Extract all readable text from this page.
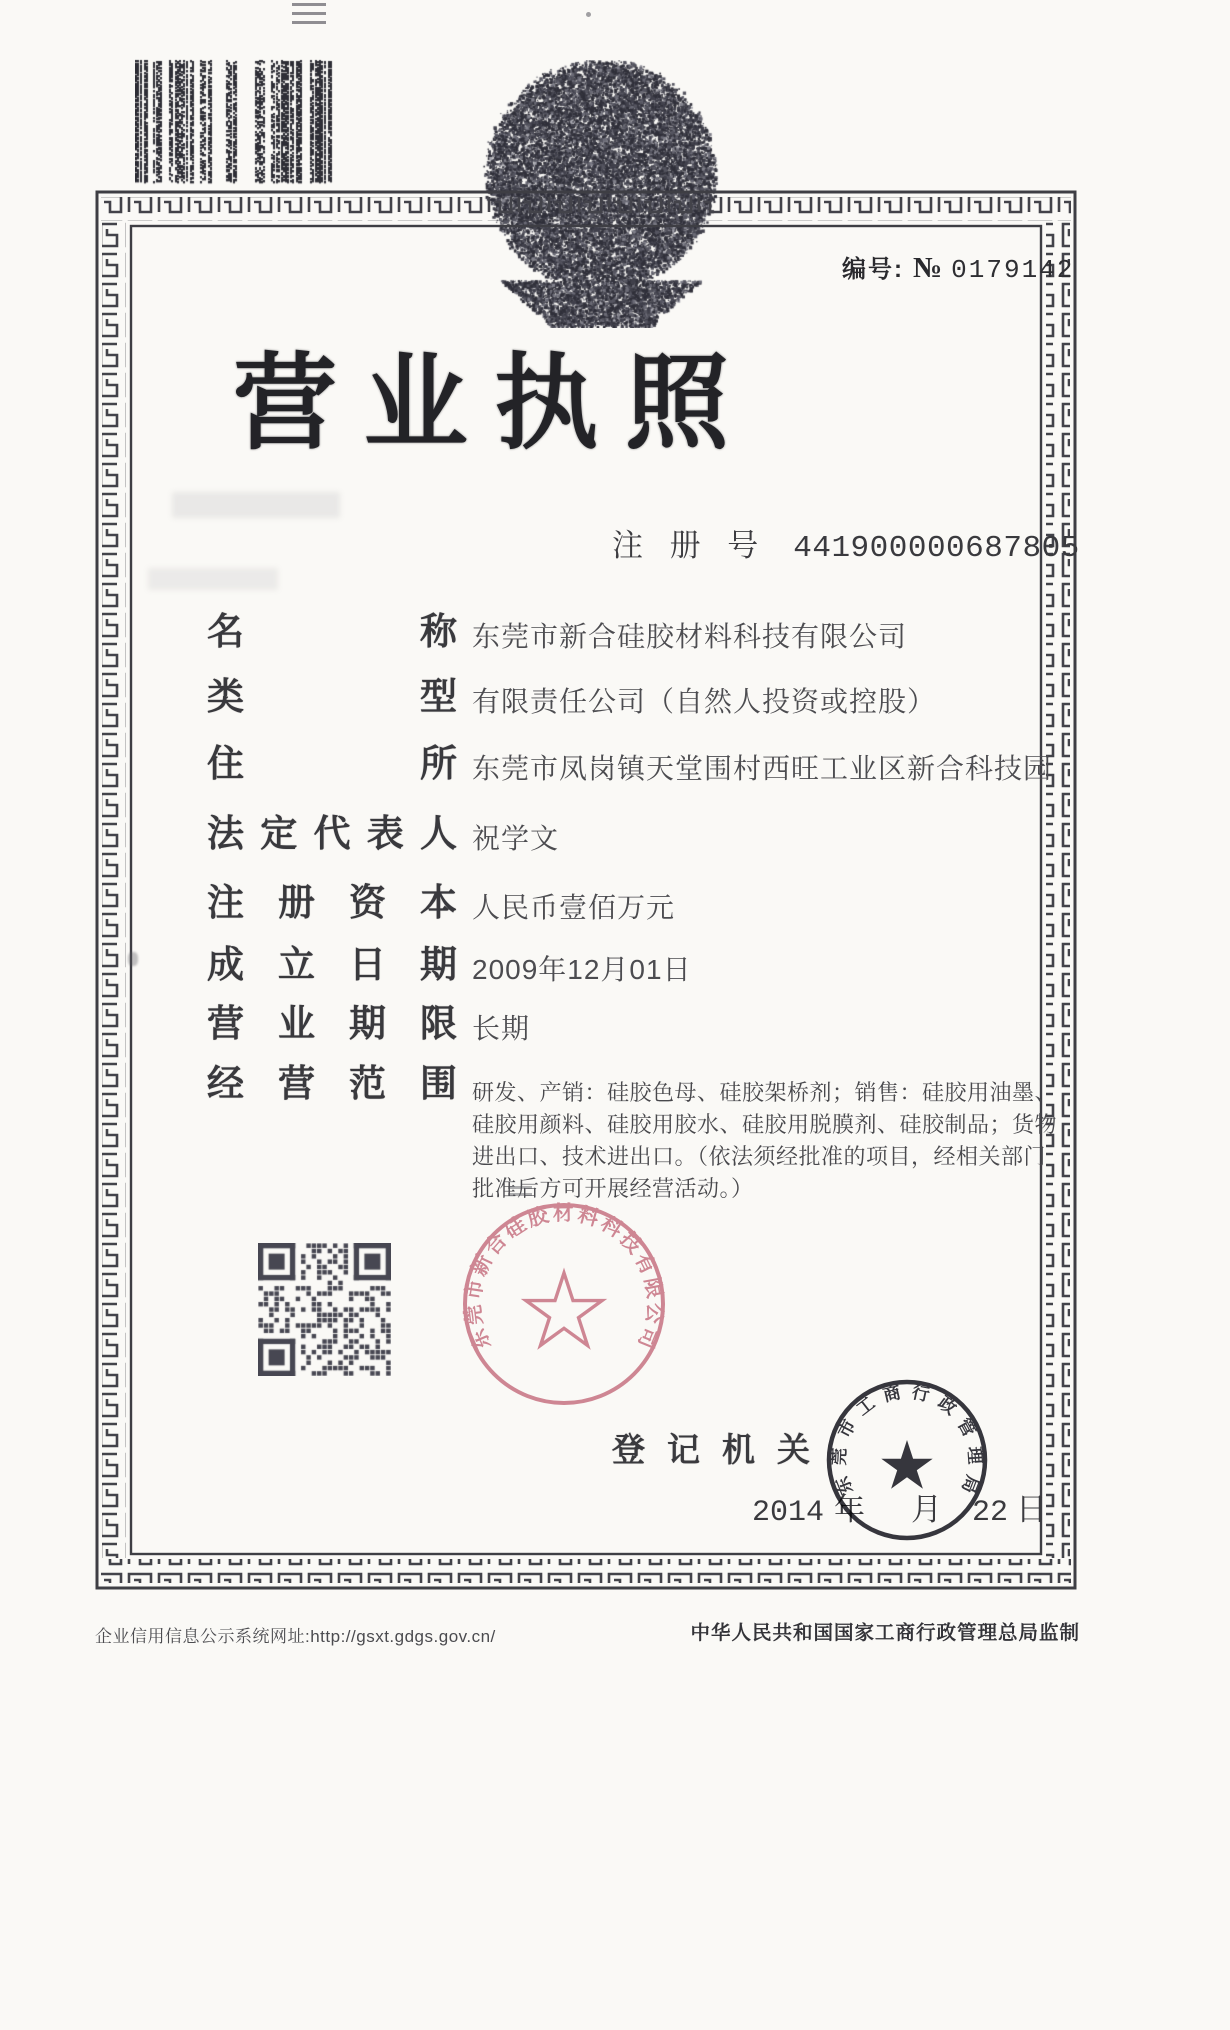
编号: № 0179142
营 业 执 照
注 册 号 441900000687805
名	称 东莞市新合硅胶材料科技有限公司
类	型 有限责任公司（自然人投资或控股）
住	所 东莞市凤岗镇天堂围村西旺工业区新合科技园
法 定 代 表 人 祝学文
注 册 资 本 人民币壹佰万元
成 立 日 期 2009年12月01日
营 业 期 限 长期
经 营 范 围 研发、产销：硅胶色母、硅胶架桥剂；销售：硅胶用油墨、硅胶用颜料、硅胶用胶水、硅胶用脱膜剂、硅胶制品；货物进出口、技术进出口。（依法须经批准的项目，经相关部门批准后方可开展经营活动。）
东莞市新合硅胶材料科技有限公司
登 记 机 关
2014 年 月 22 日
东莞市工商行政管理局
企业信用信息公示系统网址:http://gsxt.gdgs.gov.cn/	中华人民共和国国家工商行政管理总局监制
